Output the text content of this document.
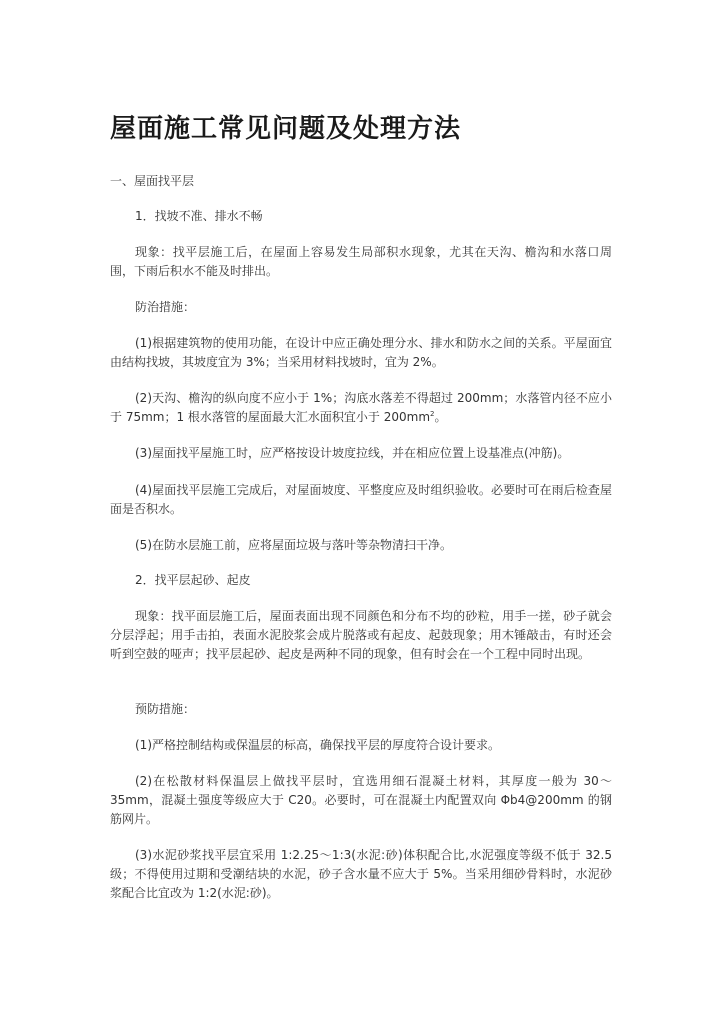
屋面施工常见问题及处理方法

一、屋面找平层

1．找坡不准、排水不畅

现象：找平层施工后，在屋面上容易发生局部积水现象，尤其在天沟、檐沟和水落口周围，下雨后积水不能及时排出。

防治措施：

(1)根据建筑物的使用功能，在设计中应正确处理分水、排水和防水之间的关系。平屋面宜由结构找坡，其坡度宜为 3%；当采用材料找坡时，宜为 2%。

(2)天沟、檐沟的纵向度不应小于 1%；沟底水落差不得超过 200mm；水落管内径不应小于 75mm；1 根水落管的屋面最大汇水面积宜小于 $200mm^2$。

(3)屋面找平屋施工时，应严格按设计坡度拉线，并在相应位置上设基准点(冲筋)。

(4)屋面找平层施工完成后，对屋面坡度、平整度应及时组织验收。必要时可在雨后检查屋面是否积水。

(5)在防水层施工前，应将屋面垃圾与落叶等杂物清扫干净。

2．找平层起砂、起皮

现象：找平面层施工后，屋面表面出现不同颜色和分布不均的砂粒，用手一搓，砂子就会分层浮起；用手击拍，表面水泥胶浆会成片脱落或有起皮、起鼓现象；用木锤敲击，有时还会听到空鼓的哑声；找平层起砂、起皮是两种不同的现象，但有时会在一个工程中同时出现。

预防措施：

(1)严格控制结构或保温层的标高，确保找平层的厚度符合设计要求。

(2)在松散材料保温层上做找平层时，宜选用细石混凝土材料，其厚度一般为 30～35mm，混凝土强度等级应大于 C20。必要时，可在混凝土内配置双向 Φb4@200mm 的钢筋网片。

(3)水泥砂浆找平层宜采用 1:2.25～1:3(水泥:砂)体积配合比,水泥强度等级不低于 32.5 级；不得使用过期和受潮结块的水泥，砂子含水量不应大于 5%。当采用细砂骨料时，水泥砂浆配合比宜改为 1:2(水泥:砂)。
